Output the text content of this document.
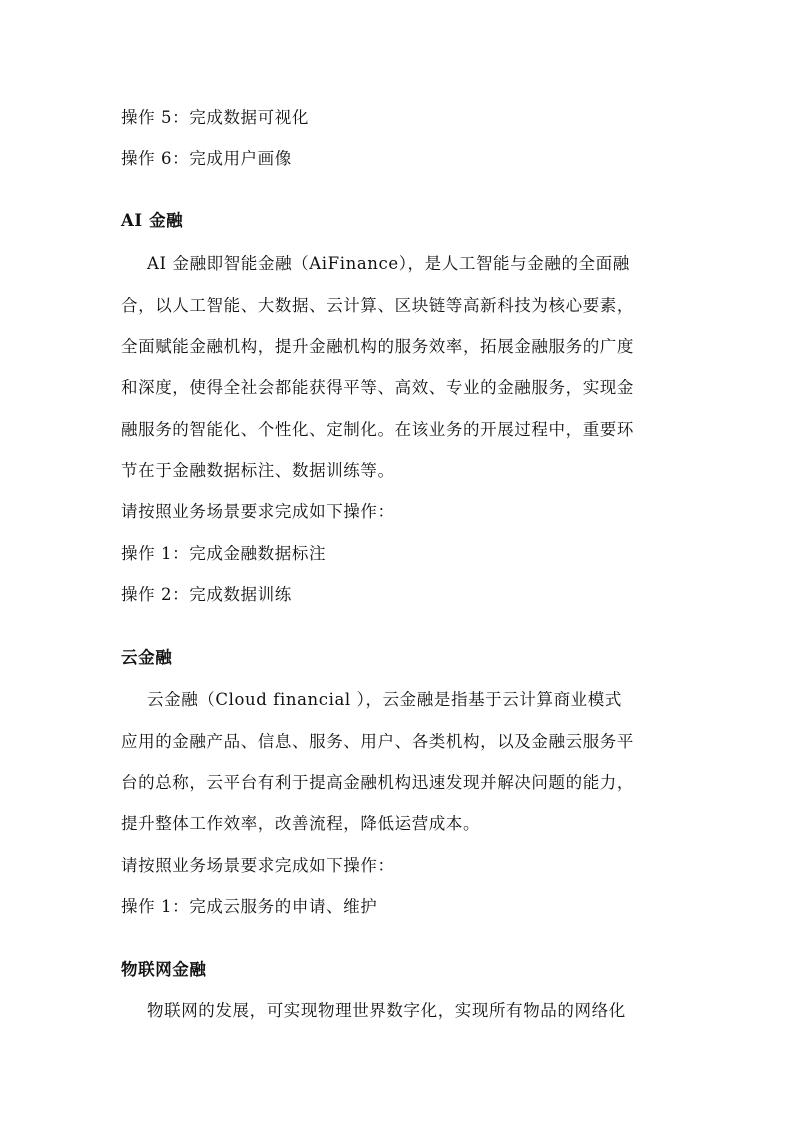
操作 5：完成数据可视化
操作 6：完成用户画像
AI 金融
AI 金融即智能金融（AiFinance），是人工智能与金融的全面融
合，以人工智能、大数据、云计算、区块链等高新科技为核心要素，
全面赋能金融机构，提升金融机构的服务效率，拓展金融服务的广度
和深度，使得全社会都能获得平等、高效、专业的金融服务，实现金
融服务的智能化、个性化、定制化。在该业务的开展过程中，重要环
节在于金融数据标注、数据训练等。
请按照业务场景要求完成如下操作：
操作 1：完成金融数据标注
操作 2：完成数据训练
云金融
云金融（Cloud financial ），云金融是指基于云计算商业模式
应用的金融产品、信息、服务、用户、各类机构，以及金融云服务平
台的总称，云平台有利于提高金融机构迅速发现并解决问题的能力，
提升整体工作效率，改善流程，降低运营成本。
请按照业务场景要求完成如下操作：
操作 1：完成云服务的申请、维护
物联网金融
物联网的发展，可实现物理世界数字化，实现所有物品的网络化
